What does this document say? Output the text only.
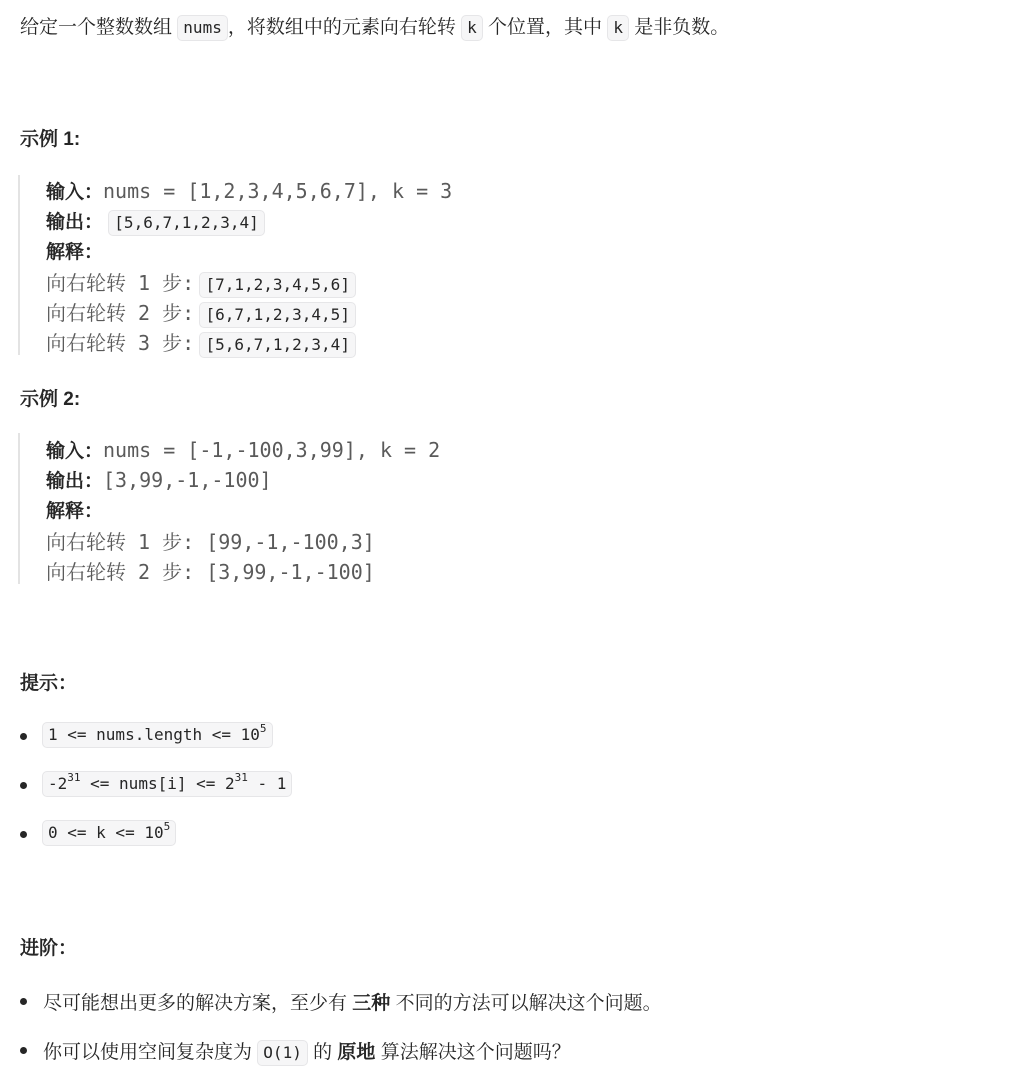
给定一个整数数组 nums ，将数组中的元素向右轮转 k 个位置，其中 k 是非负数。
示例 1:
输入：nums = [1,2,3,4,5,6,7], k = 3
输出： [5,6,7,1,2,3,4]
解释：
向右轮转 1 步: [7,1,2,3,4,5,6]
向右轮转 2 步: [6,7,1,2,3,4,5]
向右轮转 3 步: [5,6,7,1,2,3,4]
示例 2:
输入：nums = [-1,-100,3,99], k = 2
输出：[3,99,-1,-100]
解释：
向右轮转 1 步: [99,-1,-100,3]
向右轮转 2 步: [3,99,-1,-100]
提示：
1 <= nums.length <= $10^5$
$-2^{31}$ <= nums[i] <= $2^{31} - 1$
$0 <= k <= 10^5$
进阶：
尽可能想出更多的解决方案，至少有 三种 不同的方法可以解决这个问题。
你可以使用空间复杂度为 O(1) 的 原地 算法解决这个问题吗？
